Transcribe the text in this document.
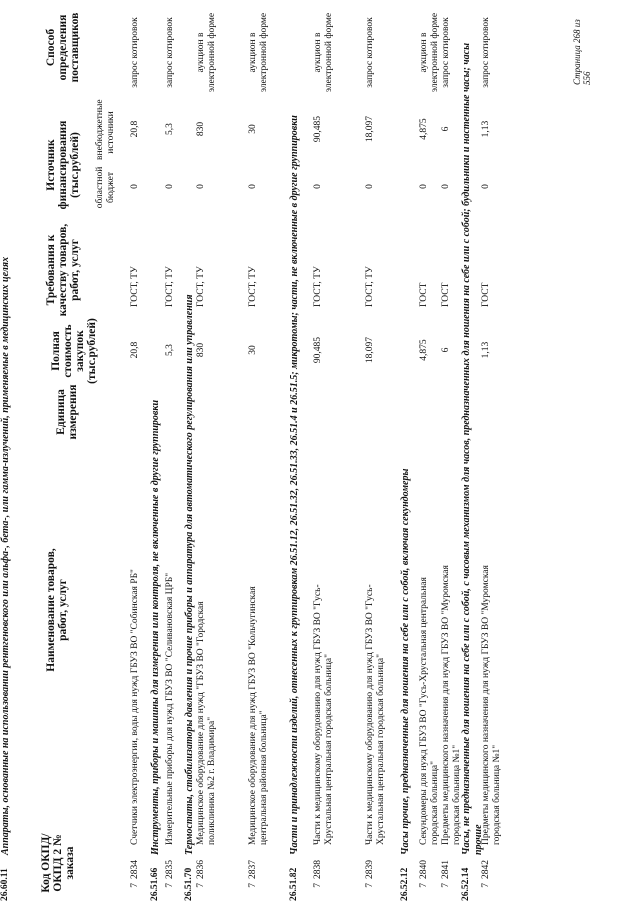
Код ОКПД/ ОКПД 2 № заказа
Наименование товаров, работ, услуг
Единица измерения
Полная стоимость закупок (тыс.рублей)
Требования к качеству товаров, работ, услуг
Источник финансирования (тыс.рублей) областной бюджет
внебюджетные источники
Способ определения поставщиков
7
2834
Счетчики электроэнергии, воды для нужд ГБУЗ ВО "Собинская РБ"
20,8
ГОСТ, ТУ
0
20,8
запрос котировок
26.51.66
Инструменты, приборы и машины для измерения или контроля, не включенные в другие группировки
7
2835
Измерительные приборы для нужд ГБУЗ ВО "Селивановская ЦРБ"
5,3
ГОСТ, ТУ
0
5,3
запрос котировок
26.51.70
Термостаты, стабилизаторы давления и прочие приборы и аппаратура для автоматического регулирования или управления
7
2836
Медицинское оборудование для нужд "ГБУЗ ВО "Городская поликлиника №2 г. Владимира"
830
ГОСТ, ТУ
0
830
аукцион в электронной форме
7
2837
Медицинское оборудование для нужд ГБУЗ ВО "Кольчугинская центральная районная больница"
30
ГОСТ, ТУ
0
30
аукцион в электронной форме
26.51.82
Части и принадлежности изделий, отнесенных к группировкам 26.51.12, 26.51.32, 26.51.33, 26.51.4 и 26.51.5; микротомы; части, не включенные в другие группировки
7
2838
Части к медицинскому оборудованию для нужд ГБУЗ ВО "Гусь-Хрустальная центральная городская больница"
90,485
ГОСТ, ТУ
0
90,485
аукцион в электронной форме
7
2839
Части к медицинскому оборудованию для нужд ГБУЗ ВО "Гусь-Хрустальная центральная городская больница"
18,097
ГОСТ, ТУ
0
18,097
запрос котировок
26.52.12
Часы прочие, предназначенные для ношения на себе или с собой, включая секундомеры
7
2840
Секундомеры для нужд ГБУЗ ВО "Гусь-Хрустальная центральная городская больница"
4,875
ГОСТ
0
4,875
аукцион в электронной форме
7
2841
Предметы медицинского назначения для нужд ГБУЗ ВО "Муромская городская больница №1"
6
ГОСТ
0
6
запрос котировок
26.52.14
Часы, не предназначенные для ношения на себе или с собой, с часовым механизмом для часов, предназначенных для ношения на себе или с собой; будильники и настенные часы; часы прочие
7
2842
Предметы медицинского назначения для нужд ГБУЗ ВО "Муромская городская больница №1"
1,13
ГОСТ
0
1,13
запрос котировок
26.60.11
Аппараты, основанные на использовании рентгеновского или альфа-, бета-, или гамма-излучений, применяемые в медицинских целях
Страница 268 из 556
